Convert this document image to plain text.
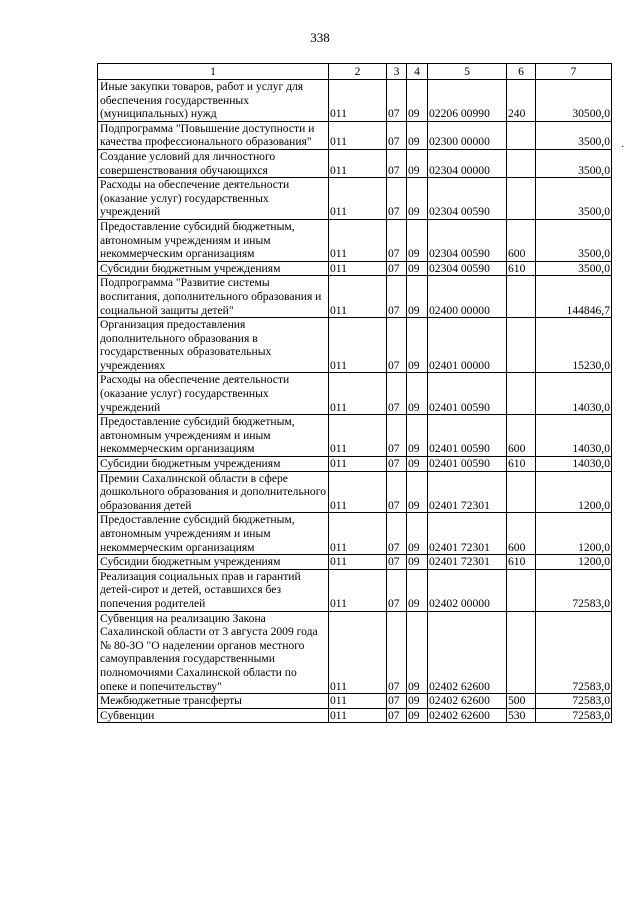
338
·
1	2	3	4	5	6	7
Иные закупки товаров, работ и услуг для обеспечения государственных (муниципальных) нужд	011	07	09	02206 00990	240	30500,0
Подпрограмма "Повышение доступности и качества профессионального образования"	011	07	09	02300 00000		3500,0
Создание условий для личностного совершенствования обучающихся	011	07	09	02304 00000		3500,0
Расходы на обеспечение деятельности (оказание услуг) государственных учреждений	011	07	09	02304 00590		3500,0
Предоставление субсидий бюджетным, автономным учреждениям и иным некоммерческим организациям	011	07	09	02304 00590	600	3500,0
Субсидии бюджетным учреждениям	011	07	09	02304 00590	610	3500,0
Подпрограмма "Развитие системы воспитания, дополнительного образования и социальной защиты детей"	011	07	09	02400 00000		144846,7
Организация предоставления дополнительного образования в государственных образовательных учреждениях	011	07	09	02401 00000		15230,0
Расходы на обеспечение деятельности (оказание услуг) государственных учреждений	011	07	09	02401 00590		14030,0
Предоставление субсидий бюджетным, автономным учреждениям и иным некоммерческим организациям	011	07	09	02401 00590	600	14030,0
Субсидии бюджетным учреждениям	011	07	09	02401 00590	610	14030,0
Премии Сахалинской области в сфере дошкольного образования и дополнительного образования детей	011	07	09	02401 72301		1200,0
Предоставление субсидий бюджетным, автономным учреждениям и иным некоммерческим организациям	011	07	09	02401 72301	600	1200,0
Субсидии бюджетным учреждениям	011	07	09	02401 72301	610	1200,0
Реализация социальных прав и гарантий детей-сирот и детей, оставшихся без попечения родителей	011	07	09	02402 00000		72583,0
Субвенция на реализацию Закона Сахалинской области от 3 августа 2009 года № 80-ЗО "О наделении органов местного самоуправления государственными полномочиями Сахалинской области по опеке и попечительству"	011	07	09	02402 62600		72583,0
Межбюджетные трансферты	011	07	09	02402 62600	500	72583,0
Субвенции	011	07	09	02402 62600	530	72583,0
